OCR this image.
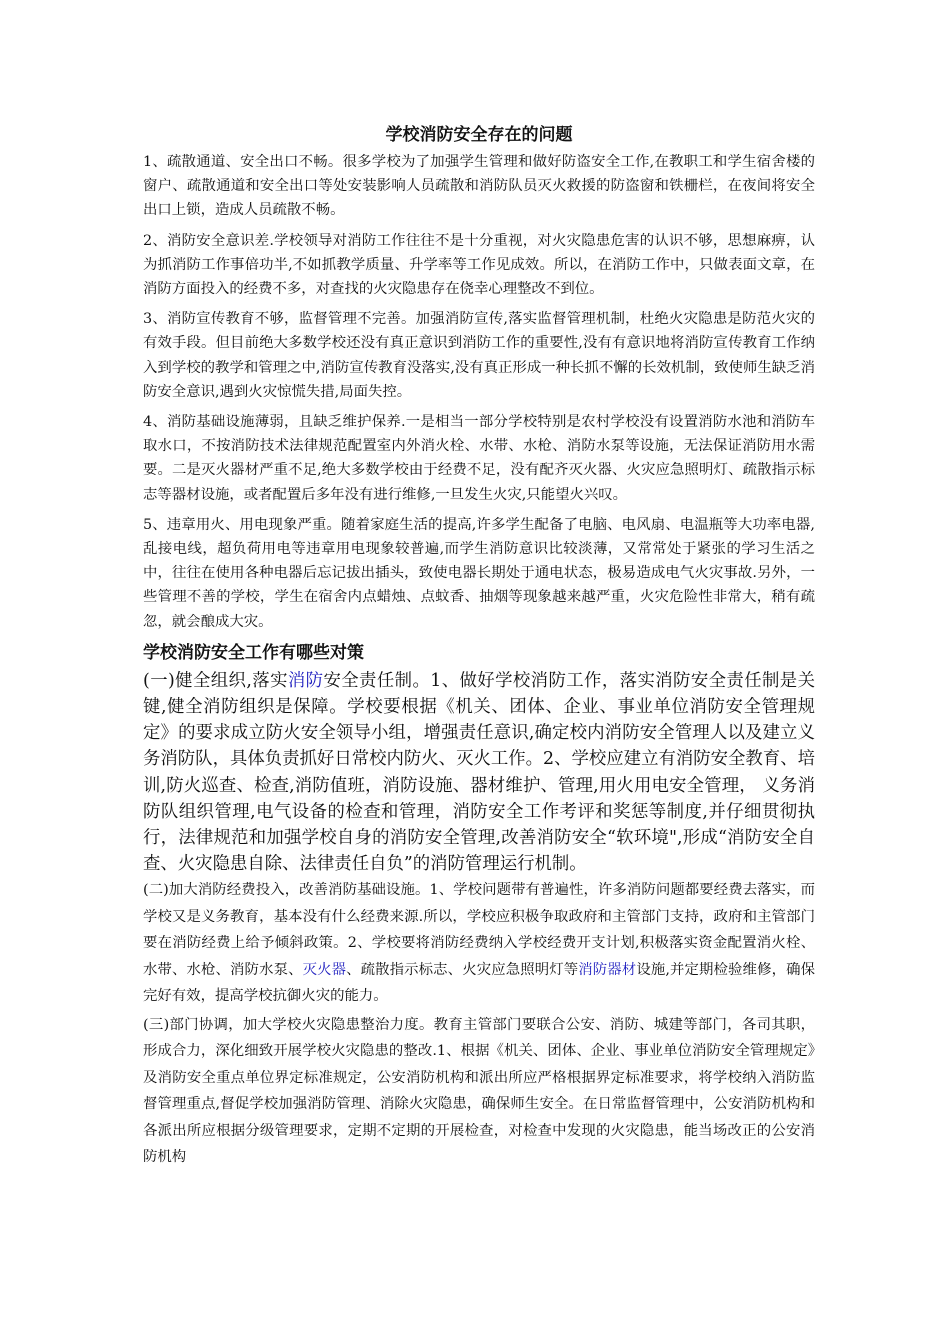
学校消防安全存在的问题

1、疏散通道、安全出口不畅。很多学校为了加强学生管理和做好防盗安全工作,在教职工和学生宿舍楼的窗户、疏散通道和安全出口等处安装影响人员疏散和消防队员灭火救援的防盗窗和铁栅栏，在夜间将安全出口上锁，造成人员疏散不畅。

2、消防安全意识差.学校领导对消防工作往往不是十分重视，对火灾隐患危害的认识不够，思想麻痹，认为抓消防工作事倍功半,不如抓教学质量、升学率等工作见成效。所以，在消防工作中，只做表面文章，在消防方面投入的经费不多，对查找的火灾隐患存在侥幸心理整改不到位。

3、消防宣传教育不够，监督管理不完善。加强消防宣传,落实监督管理机制，杜绝火灾隐患是防范火灾的有效手段。但目前绝大多数学校还没有真正意识到消防工作的重要性,没有有意识地将消防宣传教育工作纳入到学校的教学和管理之中,消防宣传教育没落实,没有真正形成一种长抓不懈的长效机制，致使师生缺乏消防安全意识,遇到火灾惊慌失措,局面失控。

4、消防基础设施薄弱，且缺乏维护保养.一是相当一部分学校特别是农村学校没有设置消防水池和消防车取水口，不按消防技术法律规范配置室内外消火栓、水带、水枪、消防水泵等设施，无法保证消防用水需要。二是灭火器材严重不足,绝大多数学校由于经费不足，没有配齐灭火器、火灾应急照明灯、疏散指示标志等器材设施，或者配置后多年没有进行维修,一旦发生火灾,只能望火兴叹。

5、违章用火、用电现象严重。随着家庭生活的提高,许多学生配备了电脑、电风扇、电温瓶等大功率电器,乱接电线，超负荷用电等违章用电现象较普遍,而学生消防意识比较淡薄，又常常处于紧张的学习生活之中，往往在使用各种电器后忘记拔出插头，致使电器长期处于通电状态，极易造成电气火灾事故.另外，一些管理不善的学校，学生在宿舍内点蜡烛、点蚊香、抽烟等现象越来越严重，火灾危险性非常大，稍有疏忽，就会酿成大灾。

学校消防安全工作有哪些对策

(一)健全组织,落实消防安全责任制。1、做好学校消防工作，落实消防安全责任制是关键,健全消防组织是保障。学校要根据《机关、团体、企业、事业单位消防安全管理规定》的要求成立防火安全领导小组，增强责任意识,确定校内消防安全管理人以及建立义务消防队，具体负责抓好日常校内防火、灭火工作。2、学校应建立有消防安全教育、培训,防火巡查、检查,消防值班，消防设施、器材维护、管理,用火用电安全管理， 义务消防队组织管理,电气设备的检查和管理，消防安全工作考评和奖惩等制度,并仔细贯彻执行，法律规范和加强学校自身的消防安全管理,改善消防安全“软环境",形成“消防安全自查、火灾隐患自除、法律责任自负”的消防管理运行机制。

(二)加大消防经费投入，改善消防基础设施。1、学校问题带有普遍性，许多消防问题都要经费去落实，而学校又是义务教育，基本没有什么经费来源.所以，学校应积极争取政府和主管部门支持，政府和主管部门要在消防经费上给予倾斜政策。2、学校要将消防经费纳入学校经费开支计划,积极落实资金配置消火栓、水带、水枪、消防水泵、灭火器、疏散指示标志、火灾应急照明灯等消防器材设施,并定期检验维修，确保完好有效，提高学校抗御火灾的能力。

(三)部门协调，加大学校火灾隐患整治力度。教育主管部门要联合公安、消防、城建等部门，各司其职，形成合力，深化细致开展学校火灾隐患的整改.1、根据《机关、团体、企业、事业单位消防安全管理规定》及消防安全重点单位界定标准规定，公安消防机构和派出所应严格根据界定标准要求，将学校纳入消防监督管理重点,督促学校加强消防管理、消除火灾隐患，确保师生安全。在日常监督管理中，公安消防机构和各派出所应根据分级管理要求，定期不定期的开展检查，对检查中发现的火灾隐患，能当场改正的公安消防机构
